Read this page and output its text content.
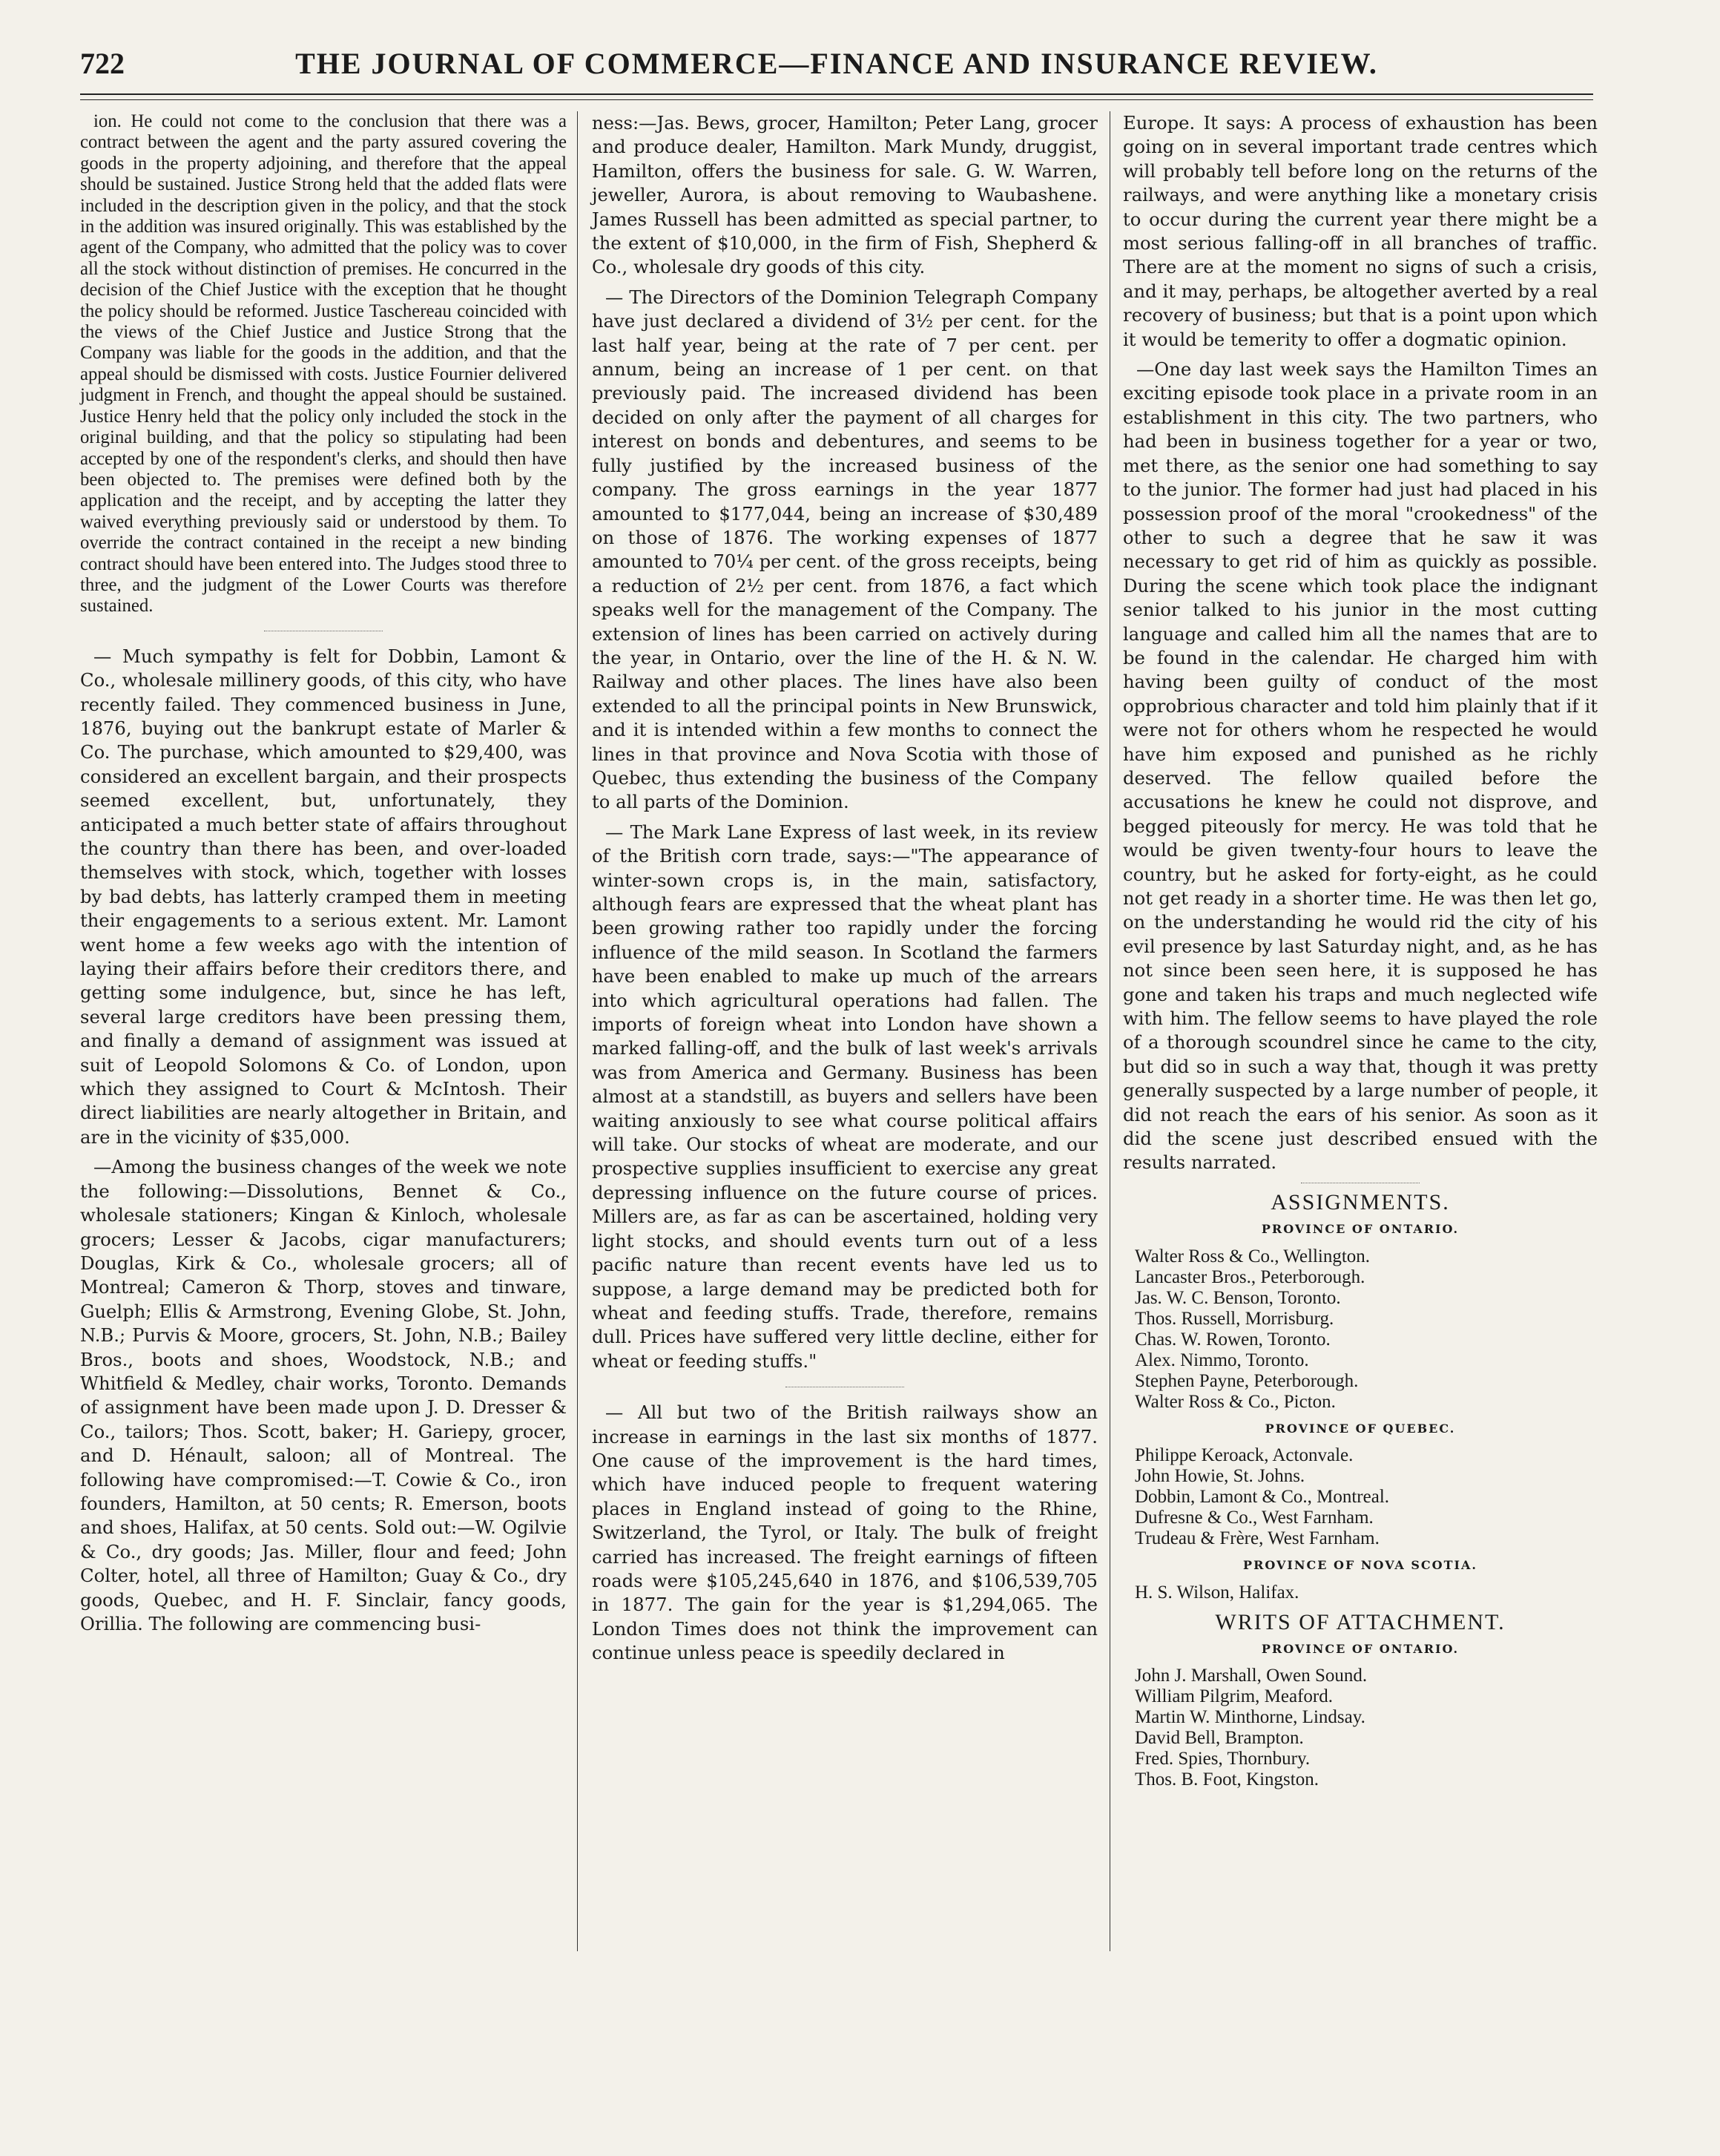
722	THE JOURNAL OF COMMERCE—FINANCE AND INSURANCE REVIEW.

ion. He could not come to the conclusion that there was a contract between the agent and the party assured covering the goods in the property adjoining, and therefore that the appeal should be sustained. Justice Strong held that the added flats were included in the description given in the policy, and that the stock in the addition was insured originally. This was established by the agent of the Company, who admitted that the policy was to cover all the stock without distinction of premises. He concurred in the decision of the Chief Justice with the exception that he thought the policy should be reformed. Justice Taschereau coincided with the views of the Chief Justice and Justice Strong that the Company was liable for the goods in the addition, and that the appeal should be dismissed with costs. Justice Fournier delivered judgment in French, and thought the appeal should be sustained. Justice Henry held that the policy only included the stock in the original building, and that the policy so stipulating had been accepted by one of the respondent's clerks, and should then have been objected to. The premises were defined both by the application and the receipt, and by accepting the latter they waived everything previously said or understood by them. To override the contract contained in the receipt a new binding contract should have been entered into. The Judges stood three to three, and the judgment of the Lower Courts was therefore sustained.

— Much sympathy is felt for Dobbin, Lamont & Co., wholesale millinery goods, of this city, who have recently failed. They commenced business in June, 1876, buying out the bankrupt estate of Marler & Co. The purchase, which amounted to $29,400, was considered an excellent bargain, and their prospects seemed excellent, but, unfortunately, they anticipated a much better state of affairs throughout the country than there has been, and over-loaded themselves with stock, which, together with losses by bad debts, has latterly cramped them in meeting their engagements to a serious extent. Mr. Lamont went home a few weeks ago with the intention of laying their affairs before their creditors there, and getting some indulgence, but, since he has left, several large creditors have been pressing them, and finally a demand of assignment was issued at suit of Leopold Solomons & Co. of London, upon which they assigned to Court & McIntosh. Their direct liabilities are nearly altogether in Britain, and are in the vicinity of $35,000.

—Among the business changes of the week we note the following:—Dissolutions, Bennet & Co., wholesale stationers; Kingan & Kinloch, wholesale grocers; Lesser & Jacobs, cigar manufacturers; Douglas, Kirk & Co., wholesale grocers; all of Montreal; Cameron & Thorp, stoves and tinware, Guelph; Ellis & Armstrong, Evening Globe, St. John, N.B.; Purvis & Moore, grocers, St. John, N.B.; Bailey Bros., boots and shoes, Woodstock, N.B.; and Whitfield & Medley, chair works, Toronto. Demands of assignment have been made upon J. D. Dresser & Co., tailors; Thos. Scott, baker; H. Gariepy, grocer, and D. Hénault, saloon; all of Montreal. The following have compromised:—T. Cowie & Co., iron founders, Hamilton, at 50 cents; R. Emerson, boots and shoes, Halifax, at 50 cents. Sold out:—W. Ogilvie & Co., dry goods; Jas. Miller, flour and feed; John Colter, hotel, all three of Hamilton; Guay & Co., dry goods, Quebec, and H. F. Sinclair, fancy goods, Orillia. The following are commencing busi-

ness:—Jas. Bews, grocer, Hamilton; Peter Lang, grocer and produce dealer, Hamilton. Mark Mundy, druggist, Hamilton, offers the business for sale. G. W. Warren, jeweller, Aurora, is about removing to Waubashene. James Russell has been admitted as special partner, to the extent of $10,000, in the firm of Fish, Shepherd & Co., wholesale dry goods of this city.

— The Directors of the Dominion Telegraph Company have just declared a dividend of 3½ per cent. for the last half year, being at the rate of 7 per cent. per annum, being an increase of 1 per cent. on that previously paid. The increased dividend has been decided on only after the payment of all charges for interest on bonds and debentures, and seems to be fully justified by the increased business of the company. The gross earnings in the year 1877 amounted to $177,044, being an increase of $30,489 on those of 1876. The working expenses of 1877 amounted to 70¼ per cent. of the gross receipts, being a reduction of 2½ per cent. from 1876, a fact which speaks well for the management of the Company. The extension of lines has been carried on actively during the year, in Ontario, over the line of the H. & N. W. Railway and other places. The lines have also been extended to all the principal points in New Brunswick, and it is intended within a few months to connect the lines in that province and Nova Scotia with those of Quebec, thus extending the business of the Company to all parts of the Dominion.

— The Mark Lane Express of last week, in its review of the British corn trade, says:—"The appearance of winter-sown crops is, in the main, satisfactory, although fears are expressed that the wheat plant has been growing rather too rapidly under the forcing influence of the mild season. In Scotland the farmers have been enabled to make up much of the arrears into which agricultural operations had fallen. The imports of foreign wheat into London have shown a marked falling-off, and the bulk of last week's arrivals was from America and Germany. Business has been almost at a standstill, as buyers and sellers have been waiting anxiously to see what course political affairs will take. Our stocks of wheat are moderate, and our prospective supplies insufficient to exercise any great depressing influence on the future course of prices. Millers are, as far as can be ascertained, holding very light stocks, and should events turn out of a less pacific nature than recent events have led us to suppose, a large demand may be predicted both for wheat and feeding stuffs. Trade, therefore, remains dull. Prices have suffered very little decline, either for wheat or feeding stuffs."

— All but two of the British railways show an increase in earnings in the last six months of 1877. One cause of the improvement is the hard times, which have induced people to frequent watering places in England instead of going to the Rhine, Switzerland, the Tyrol, or Italy. The bulk of freight carried has increased. The freight earnings of fifteen roads were $105,245,640 in 1876, and $106,539,705 in 1877. The gain for the year is $1,294,065. The London Times does not think the improvement can continue unless peace is speedily declared in

Europe. It says: A process of exhaustion has been going on in several important trade centres which will probably tell before long on the returns of the railways, and were anything like a monetary crisis to occur during the current year there might be a most serious falling-off in all branches of traffic. There are at the moment no signs of such a crisis, and it may, perhaps, be altogether averted by a real recovery of business; but that is a point upon which it would be temerity to offer a dogmatic opinion.

—One day last week says the Hamilton Times an exciting episode took place in a private room in an establishment in this city. The two partners, who had been in business together for a year or two, met there, as the senior one had something to say to the junior. The former had just had placed in his possession proof of the moral "crookedness" of the other to such a degree that he saw it was necessary to get rid of him as quickly as possible. During the scene which took place the indignant senior talked to his junior in the most cutting language and called him all the names that are to be found in the calendar. He charged him with having been guilty of conduct of the most opprobrious character and told him plainly that if it were not for others whom he respected he would have him exposed and punished as he richly deserved. The fellow quailed before the accusations he knew he could not disprove, and begged piteously for mercy. He was told that he would be given twenty-four hours to leave the country, but he asked for forty-eight, as he could not get ready in a shorter time. He was then let go, on the understanding he would rid the city of his evil presence by last Saturday night, and, as he has not since been seen here, it is supposed he has gone and taken his traps and much neglected wife with him. The fellow seems to have played the role of a thorough scoundrel since he came to the city, but did so in such a way that, though it was pretty generally suspected by a large number of people, it did not reach the ears of his senior. As soon as it did the scene just described ensued with the results narrated.

ASSIGNMENTS.
PROVINCE OF ONTARIO.
Walter Ross & Co., Wellington.
Lancaster Bros., Peterborough.
Jas. W. C. Benson, Toronto.
Thos. Russell, Morrisburg.
Chas. W. Rowen, Toronto.
Alex. Nimmo, Toronto.
Stephen Payne, Peterborough.
Walter Ross & Co., Picton.
PROVINCE OF QUEBEC.
Philippe Keroack, Actonvale.
John Howie, St. Johns.
Dobbin, Lamont & Co., Montreal.
Dufresne & Co., West Farnham.
Trudeau & Frère, West Farnham.
PROVINCE OF NOVA SCOTIA.
H. S. Wilson, Halifax.
WRITS OF ATTACHMENT.
PROVINCE OF ONTARIO.
John J. Marshall, Owen Sound.
William Pilgrim, Meaford.
Martin W. Minthorne, Lindsay.
David Bell, Brampton.
Fred. Spies, Thornbury.
Thos. B. Foot, Kingston.
